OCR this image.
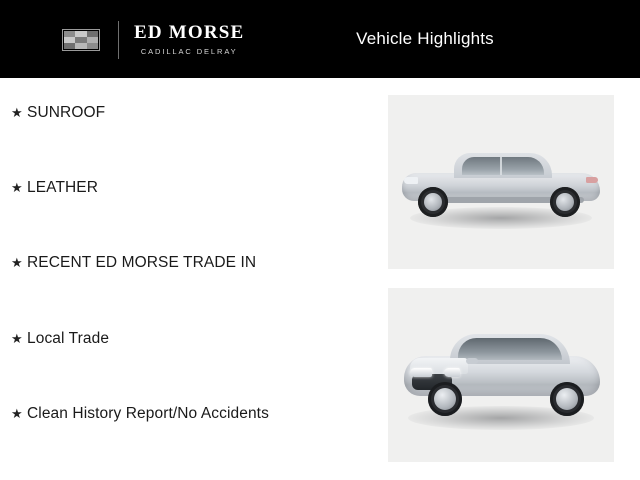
ED MORSE
CADILLAC DELRAY
Vehicle Highlights
★ SUNROOF
★ LEATHER
★ RECENT ED MORSE TRADE IN
★ Local Trade
★ Clean History Report/No Accidents
